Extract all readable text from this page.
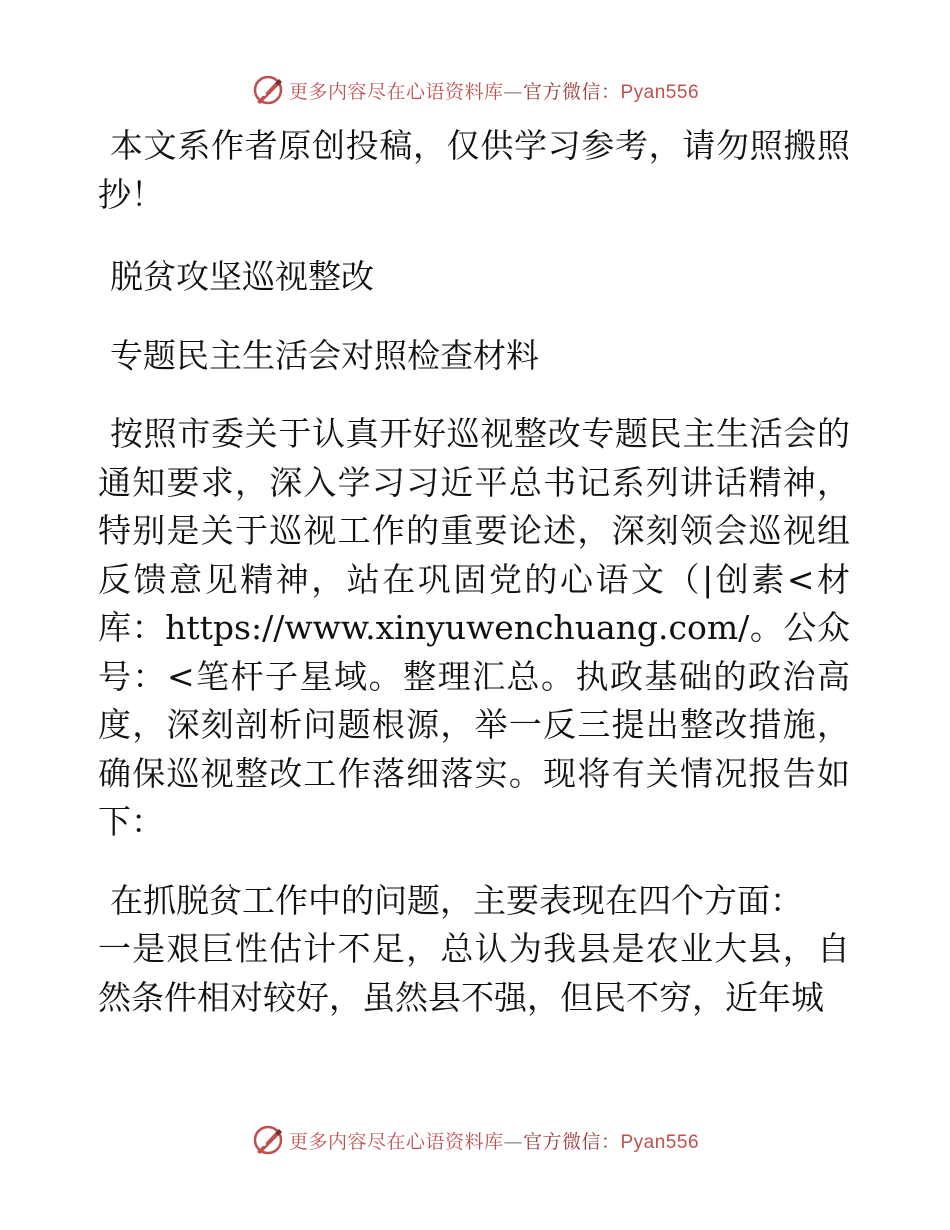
更多内容尽在心语资料库—官方微信：Pyan556

本文系作者原创投稿，仅供学习参考，请勿照搬照抄！

脱贫攻坚巡视整改

专题民主生活会对照检查材料

按照市委关于认真开好巡视整改专题民主生活会的通知要求，深入学习习近平总书记系列讲话精神，特别是关于巡视工作的重要论述，深刻领会巡视组反馈意见精神，站在巩固党的心语文（|创素<材库：https://www.xinyuwenchuang.com/。公众号：<笔杆子星域。整理汇总。执政基础的政治高度，深刻剖析问题根源，举一反三提出整改措施，确保巡视整改工作落细落实。现将有关情况报告如下：

在抓脱贫工作中的问题，主要表现在四个方面：

一是艰巨性估计不足，总认为我县是农业大县，自然条件相对较好，虽然县不强，但民不穷，近年城

更多内容尽在心语资料库—官方微信：Pyan556
